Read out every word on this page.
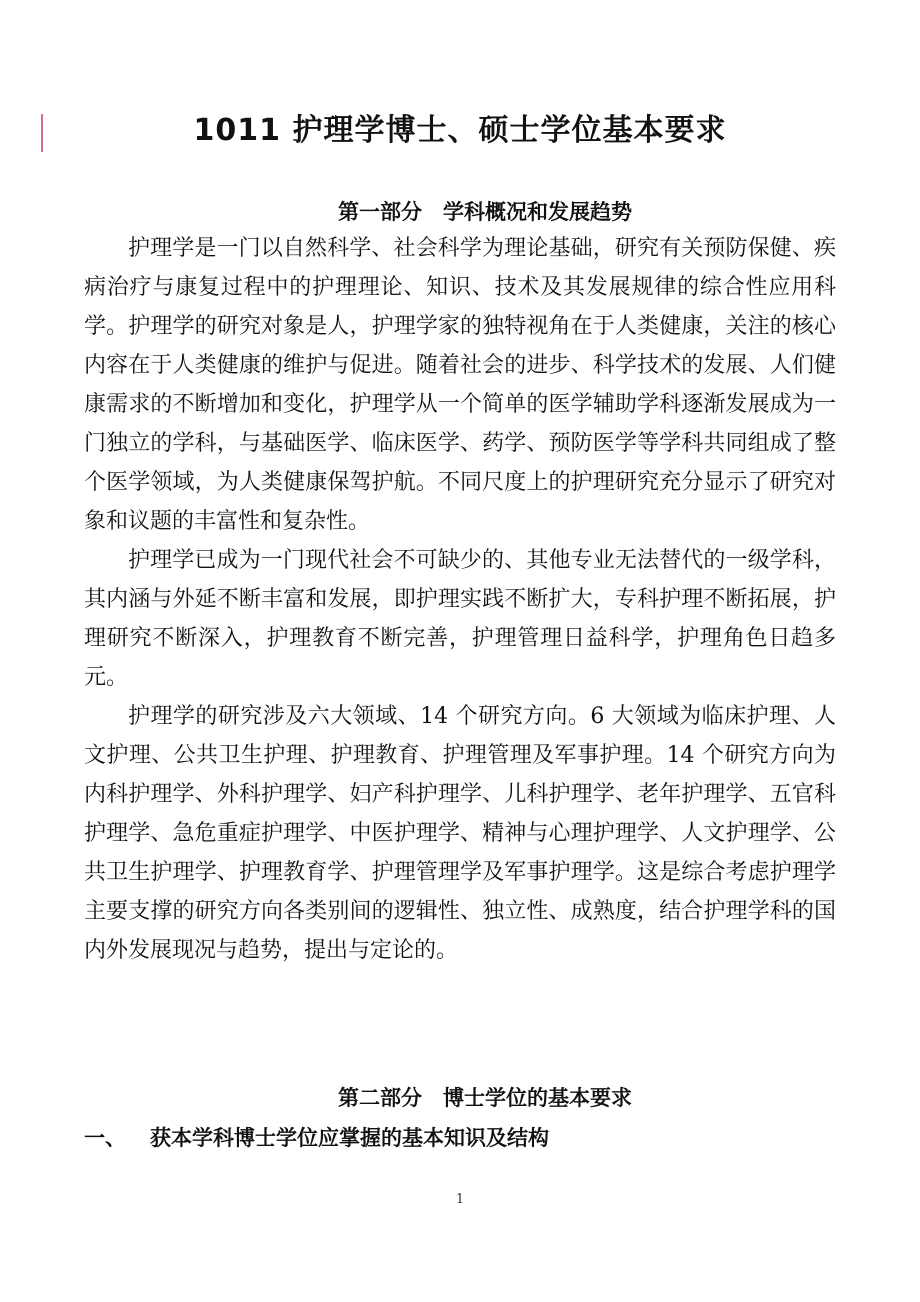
1011 护理学博士、硕士学位基本要求
第一部分　学科概况和发展趋势

护理学是一门以自然科学、社会科学为理论基础，研究有关预防保健、疾病治疗与康复过程中的护理理论、知识、技术及其发展规律的综合性应用科学。护理学的研究对象是人，护理学家的独特视角在于人类健康，关注的核心内容在于人类健康的维护与促进。随着社会的进步、科学技术的发展、人们健康需求的不断增加和变化，护理学从一个简单的医学辅助学科逐渐发展成为一门独立的学科，与基础医学、临床医学、药学、预防医学等学科共同组成了整个医学领域，为人类健康保驾护航。不同尺度上的护理研究充分显示了研究对象和议题的丰富性和复杂性。

护理学已成为一门现代社会不可缺少的、其他专业无法替代的一级学科，其内涵与外延不断丰富和发展，即护理实践不断扩大，专科护理不断拓展，护理研究不断深入，护理教育不断完善，护理管理日益科学，护理角色日趋多元。

护理学的研究涉及六大领域、14 个研究方向。6 大领域为临床护理、人文护理、公共卫生护理、护理教育、护理管理及军事护理。14 个研究方向为内科护理学、外科护理学、妇产科护理学、儿科护理学、老年护理学、五官科护理学、急危重症护理学、中医护理学、精神与心理护理学、人文护理学、公共卫生护理学、护理教育学、护理管理学及军事护理学。这是综合考虑护理学主要支撑的研究方向各类别间的逻辑性、独立性、成熟度，结合护理学科的国内外发展现况与趋势，提出与定论的。

第二部分　博士学位的基本要求
一、 获本学科博士学位应掌握的基本知识及结构
1
